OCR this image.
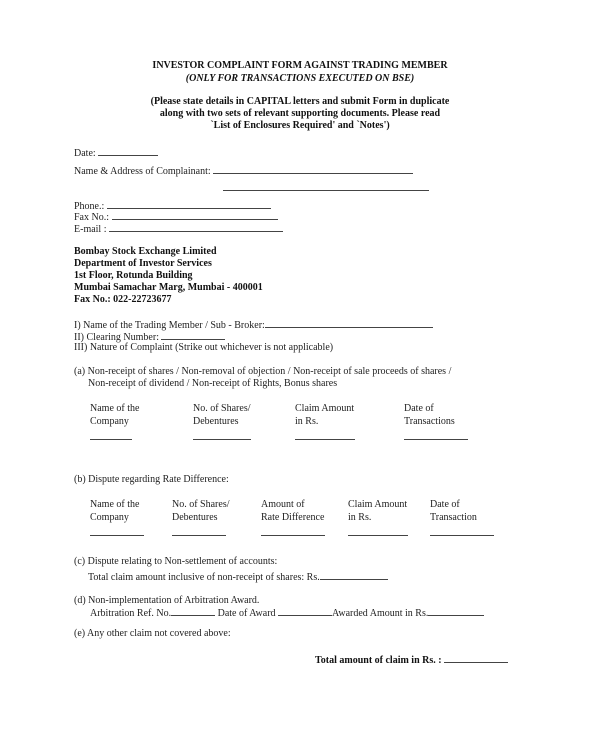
INVESTOR COMPLAINT FORM AGAINST TRADING MEMBER
(ONLY FOR TRANSACTIONS EXECUTED ON BSE)
(Please state details in CAPITAL letters and submit Form in duplicate
along with two sets of relevant supporting documents. Please read
`List of Enclosures Required' and `Notes')
Date:
Name & Address of Complainant:
Phone.:
Fax No.:
E-mail :
Bombay Stock Exchange Limited
Department of Investor Services
1st Floor, Rotunda Building
Mumbai Samachar Marg, Mumbai - 400001
Fax No.: 022-22723677
I) Name of the Trading Member / Sub - Broker:
II) Clearing Number:
III) Nature of Complaint (Strike out whichever is not applicable)
(a) Non-receipt of shares / Non-removal of objection / Non-receipt of sale proceeds of shares /
Non-receipt of dividend / Non-receipt of Rights, Bonus shares
Name of the
Company
No. of Shares/
Debentures
Claim Amount
in Rs.
Date of
Transactions
(b) Dispute regarding Rate Difference:
Name of the
Company
No. of Shares/
Debentures
Amount of
Rate Difference
Claim Amount
in Rs.
Date of
Transaction
(c) Dispute relating to Non-settlement of accounts:
Total claim amount inclusive of non-receipt of shares: Rs.
(d) Non-implementation of Arbitration Award.
Arbitration Ref. No.	Date of Award	Awarded Amount in Rs.
(e) Any other claim not covered above:
Total amount of claim in Rs. :
